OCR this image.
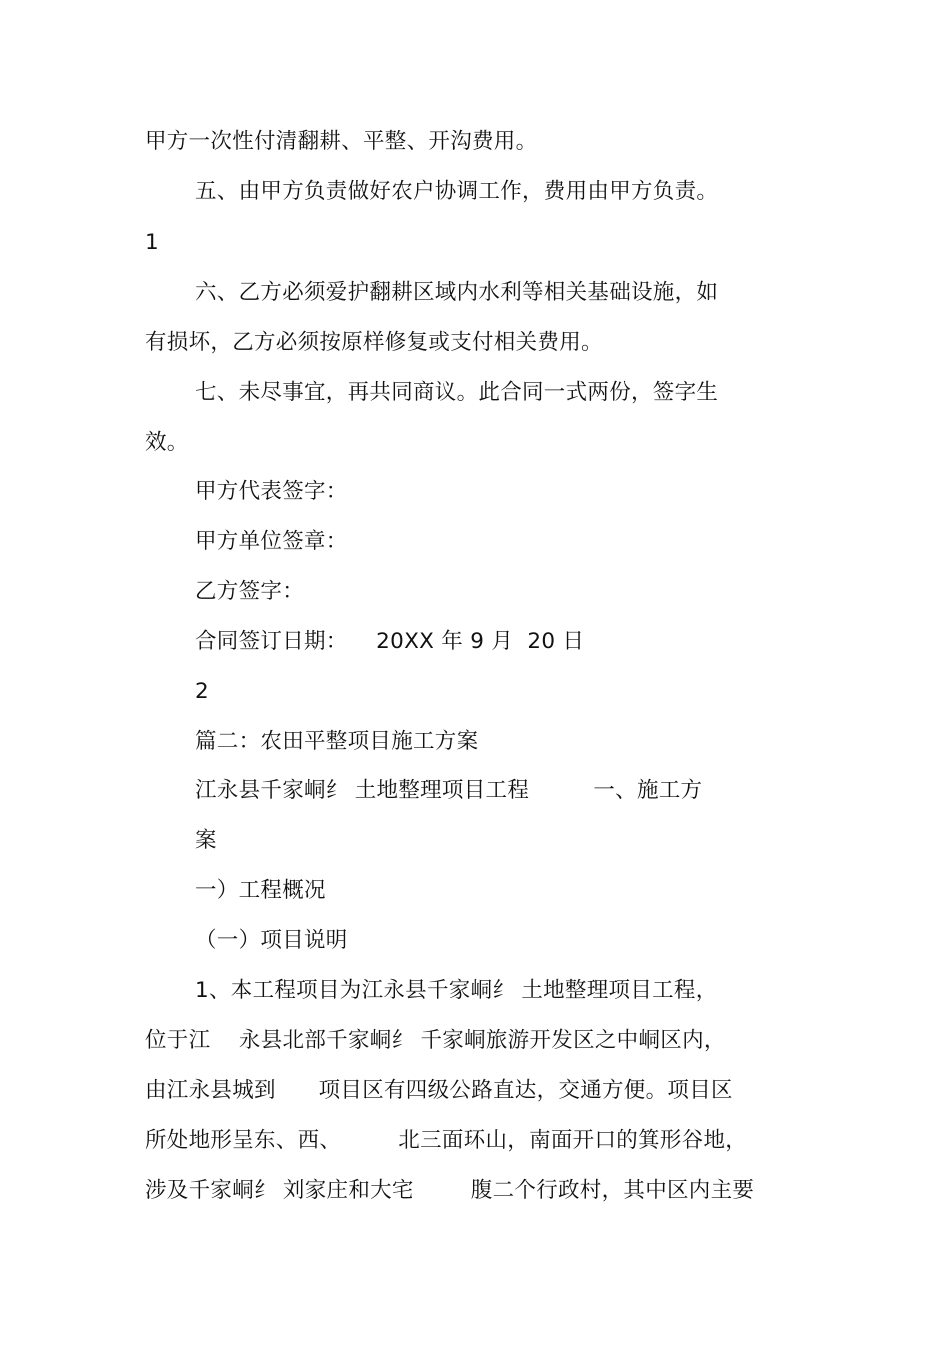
甲方一次性付清翻耕、平整、开沟费用。
五、由甲方负责做好农户协调工作，费用由甲方负责。
1
六、乙方必须爱护翻耕区域内水利等相关基础设施，如
有损坏，乙方必须按原样修复或支付相关费用。
七、未尽事宜，再共同商议。此合同一式两份，签字生
效。
甲方代表签字：
甲方单位签章：
乙方签字：
合同签订日期：    20XX 年 9 月  20 日
2
篇二：农田平整项目施工方案
江永县千家峒纟 土地整理项目工程         一、施工方
案
一）工程概况
（一）项目说明
1、本工程项目为江永县千家峒纟 土地整理项目工程，
位于江    永县北部千家峒纟 千家峒旅游开发区之中峒区内，
由江永县城到      项目区有四级公路直达，交通方便。项目区
所处地形呈东、西、        北三面环山，南面开口的箕形谷地，
涉及千家峒纟 刘家庄和大宅        腹二个行政村，其中区内主要
